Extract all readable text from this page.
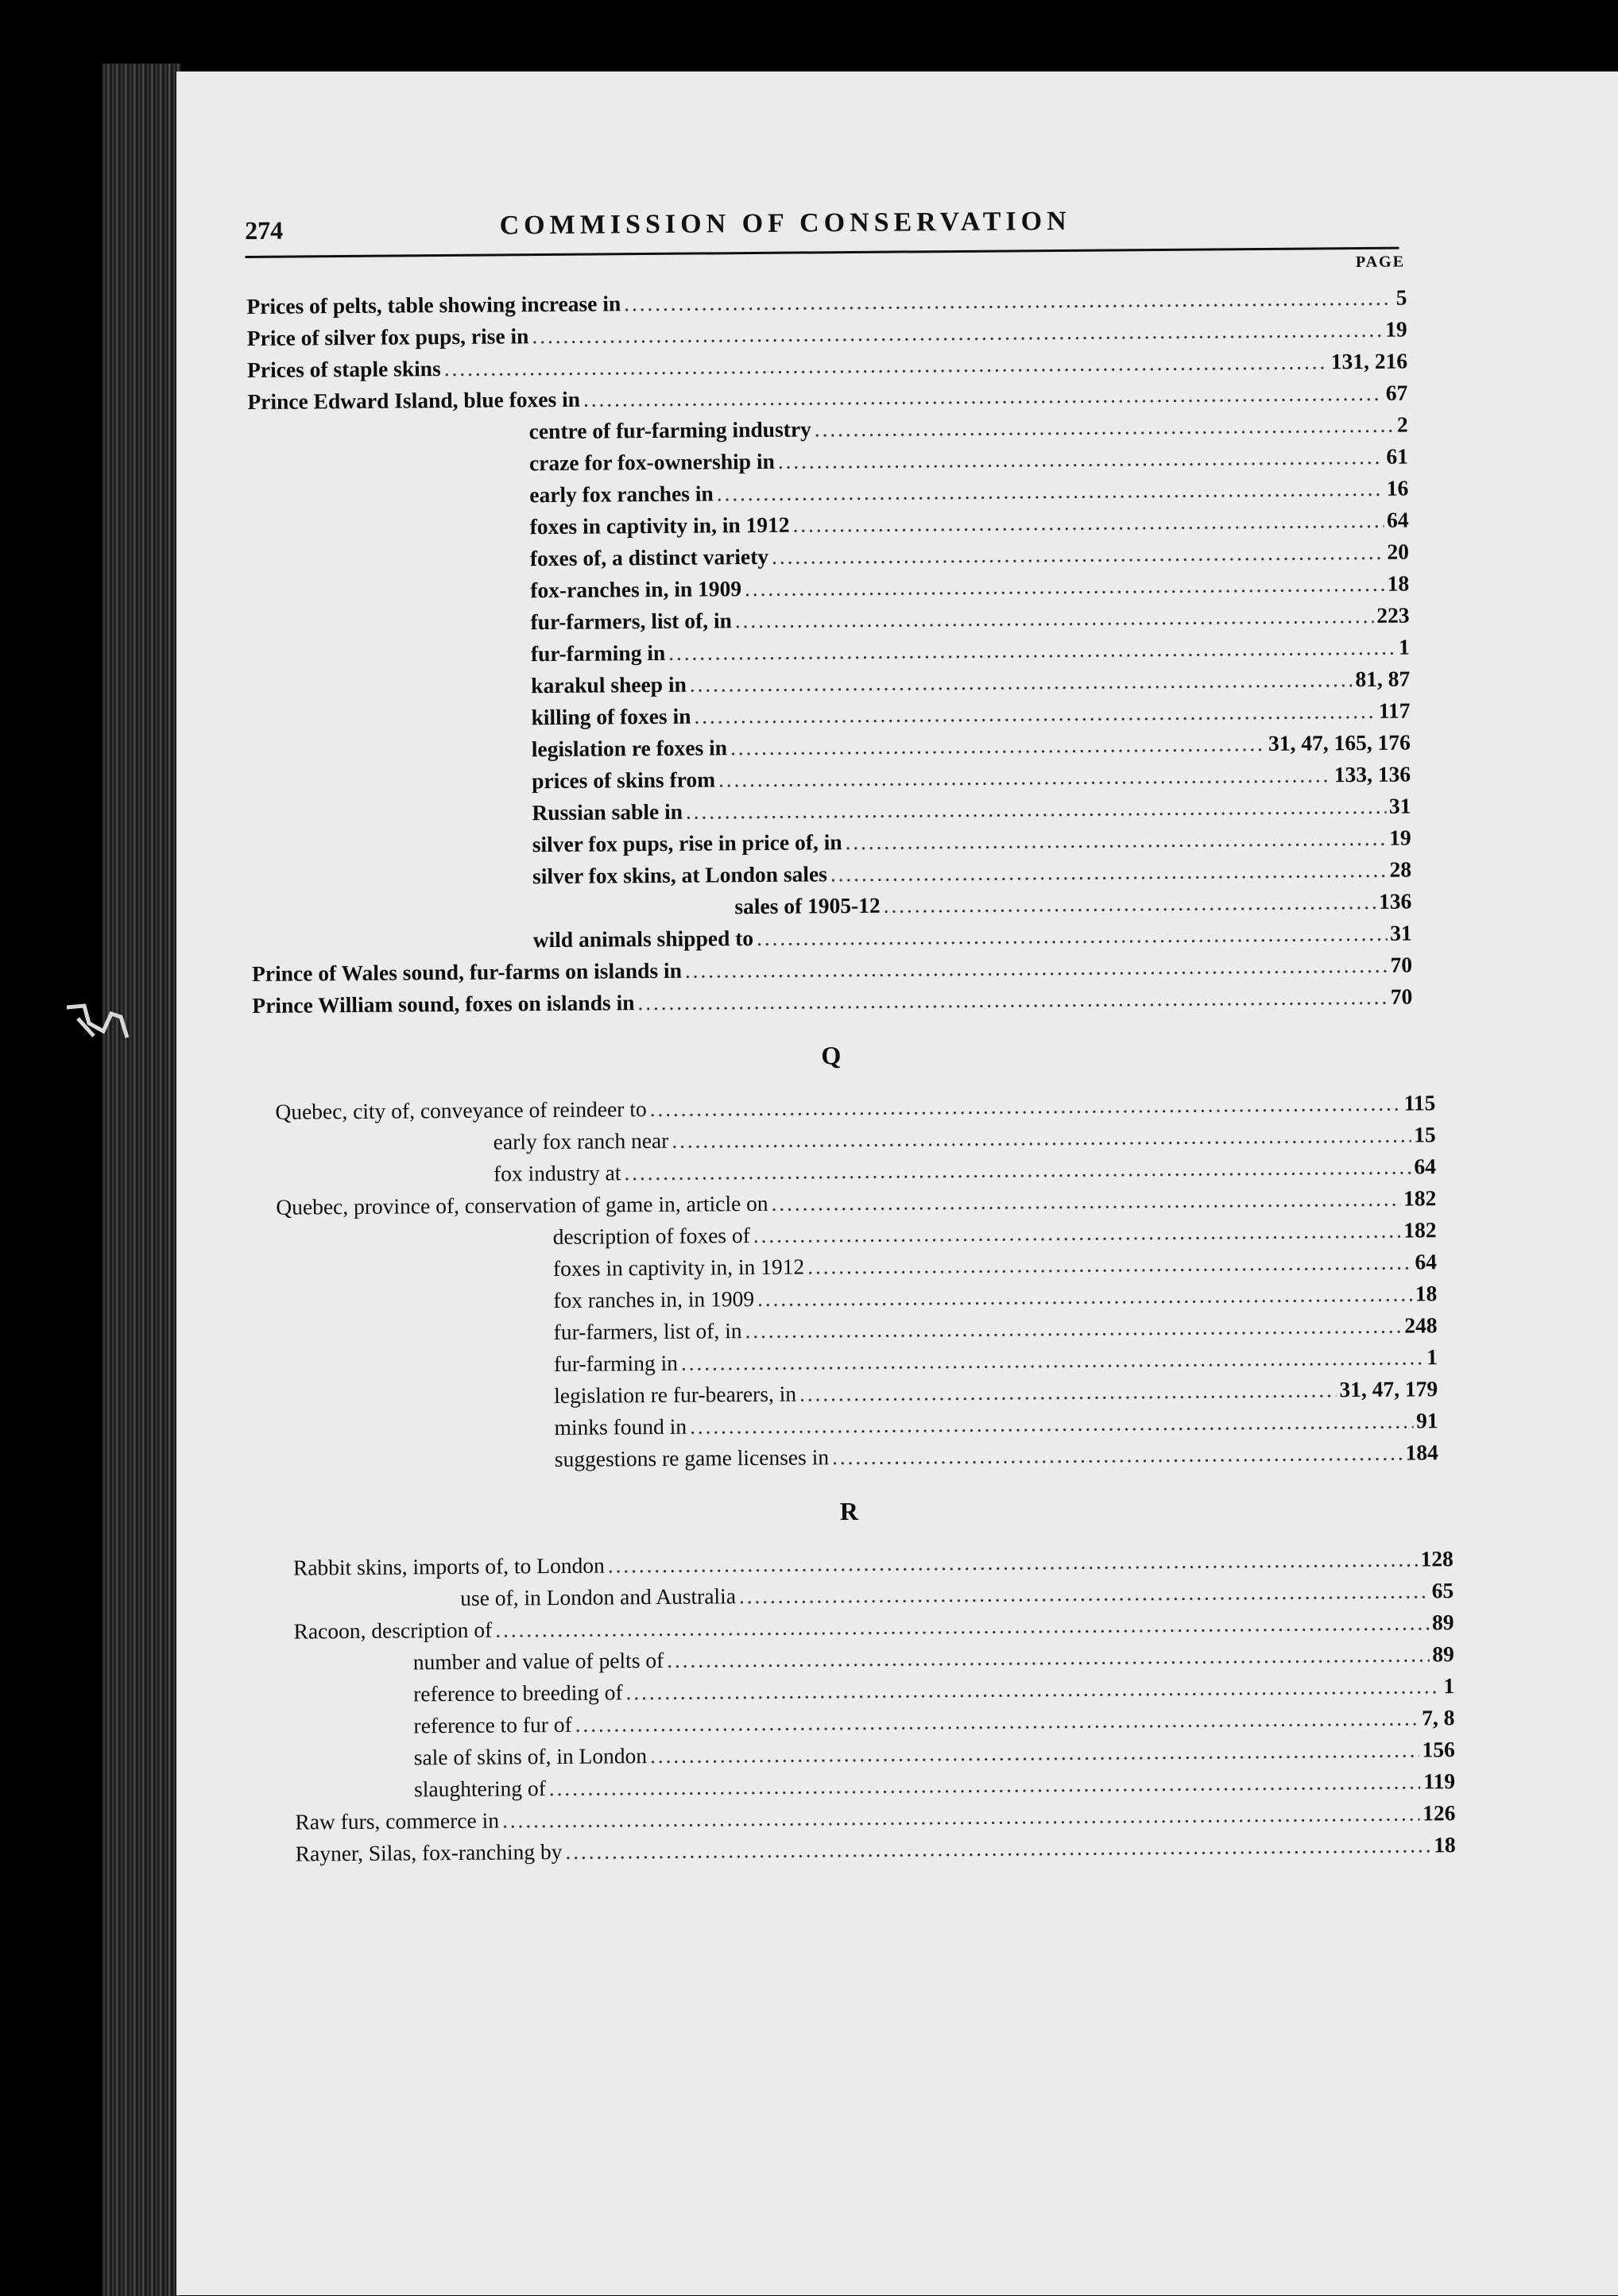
274	COMMISSION OF CONSERVATION
PAGE
Prices of pelts, table showing increase in . . .	5
Price of silver fox pups, rise in . . .	19
Prices of staple skins . . .	131, 216
Prince Edward Island, blue foxes in . . .	67
centre of fur-farming industry . . .	2
craze for fox-ownership in . . .	61
early fox ranches in . . .	16
foxes in captivity in, in 1912 . . .	64
foxes of, a distinct variety . . .	20
fox-ranches in, in 1909 . . .	18
fur-farmers, list of, in . . .	223
fur-farming in . . .	1
karakul sheep in . . .	81, 87
killing of foxes in . . .	117
legislation re foxes in . . .	31, 47, 165, 176
prices of skins from . . .	133, 136
Russian sable in . . .	31
silver fox pups, rise in price of, in . . .	19
silver fox skins, at London sales . . .	28
sales of 1905-12 . . .	136
wild animals shipped to . . .	31
Prince of Wales sound, fur-farms on islands in . . .	70
Prince William sound, foxes on islands in . . .	70
Q
Quebec, city of, conveyance of reindeer to . . .	115
early fox ranch near . . .	15
fox industry at . . .	64
Quebec, province of, conservation of game in, article on . . .	182
description of foxes of . . .	182
foxes in captivity in, in 1912 . . .	64
fox ranches in, in 1909 . . .	18
fur-farmers, list of, in . . .	248
fur-farming in . . .	1
legislation re fur-bearers, in . . .	31, 47, 179
minks found in . . .	91
suggestions re game licenses in . . .	184
R
Rabbit skins, imports of, to London . . .	128
use of, in London and Australia . . .	65
Racoon, description of . . .	89
number and value of pelts of . . .	89
reference to breeding of . . .	1
reference to fur of . . .	7, 8
sale of skins of, in London . . .	156
slaughtering of . . .	119
Raw furs, commerce in . . .	126
Rayner, Silas, fox-ranching by . . .	18
